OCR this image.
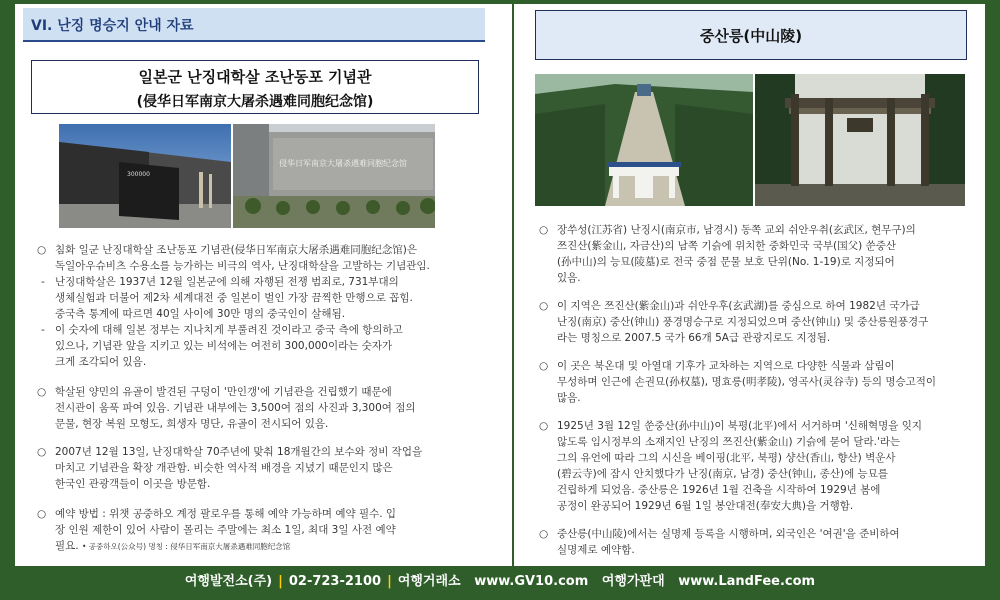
VI. 난징 명승지 안내 자료
일본군 난징대학살 조난동포 기념관
(侵华日军南京大屠杀遇难同胞纪念馆)
300000
侵华日军南京大屠杀遇难同胞纪念馆
○ 침화 일군 난징대학살 조난동포 기념관(侵华日军南京大屠杀遇难同胞纪念馆)은
독일아우슈비츠 수용소를 능가하는 비극의 역사, 난징대학살을 고발하는 기념관임.
- 난징대학살은 1937년 12월 일본군에 의해 자행된 전쟁 범죄로, 731부대의
생체실험과 더불어 제2차 세계대전 중 일본이 벌인 가장 끔찍한 만행으로 꼽힘.
중국측 통계에 따르면 40일 사이에 30만 명의 중국인이 살해됨.
- 이 숫자에 대해 일본 정부는 지나치게 부풀려진 것이라고 중국 측에 항의하고
있으나, 기념관 앞을 지키고 있는 비석에는 여전히 300,000이라는 숫자가
크게 조각되어 있음.
○ 학살된 양민의 유골이 발견된 구덩이 '만인갱'에 기념관을 건립했기 때문에
전시관이 움푹 파여 있음. 기념관 내부에는 3,500여 점의 사진과 3,300여 점의
문물, 현장 복원 모형도, 희생자 명단, 유골이 전시되어 있음.
○ 2007년 12월 13일, 난징대학살 70주년에 맞춰 18개월간의 보수와 정비 작업을
마치고 기념관을 확장 개관함. 비슷한 역사적 배경을 지녔기 때문인지 많은
한국인 관광객들이 이곳을 방문함.
○ 예약 방법 : 위챗 공중하오 계정 팔로우를 통해 예약 가능하며 예약 필수. 입
장 인원 제한이 있어 사람이 몰리는 주말에는 최소 1일, 최대 3일 사전 예약
필요. • 공중하오(公众号) 명칭 : 侵华日军南京大屠杀遇难同胞纪念馆
중산릉(中山陵)
○ 장쑤성(江苏省) 난징시(南京市, 남경시) 동쪽 교외 쉬안우취(玄武区, 현무구)의
쯔진산(紫金山, 자금산)의 남쪽 기슭에 위치한 중화민국 국부(国父) 쑨중산
(孙中山)의 능묘(陵墓)로 전국 중점 문물 보호 단위(No. 1-19)로 지정되어
있음.
○ 이 지역은 쯔진산(紫金山)과 쉬안우후(玄武湖)를 중심으로 하여 1982년 국가급
난징(南京) 중산(钟山) 풍경명승구로 지정되었으며 중산(钟山) 및 중산릉원풍경구
라는 명칭으로 2007.5 국가 66개 5A급 관광지로도 지정됨.
○ 이 곳은 북온대 및 아열대 기후가 교차하는 지역으로 다양한 식물과 삼림이
무성하며 인근에 손권묘(孙权墓), 명효릉(明孝陵), 영곡사(灵谷寺) 등의 명승고적이
많음.
○ 1925년 3월 12일 쑨중산(孙中山)이 북평(北平)에서 서거하며 '신해혁명을 잊지
않도록 임시정부의 소재지인 난징의 쯔진산(紫金山) 기슭에 묻어 달라.'라는
그의 유언에 따라 그의 시신을 베이핑(北平, 북평) 샹산(香山, 향산) 벽운사
(碧云寺)에 잠시 안치했다가 난징(南京, 남경) 중산(钟山, 종산)에 능묘를
건립하게 되었음. 중산릉은 1926년 1월 건축을 시작하여 1929년 봄에
공정이 완공되어 1929년 6월 1일 봉안대전(奉安大典)을 거행함.
○ 중산릉(中山陵)에서는 실명제 등록을 시행하며, 외국인은 '여권'을 준비하여
실명제로 예약함.
여행발전소(주) | 02-723-2100 | 여행거래소 www.GV10.com 여행가판대 www.LandFee.com
